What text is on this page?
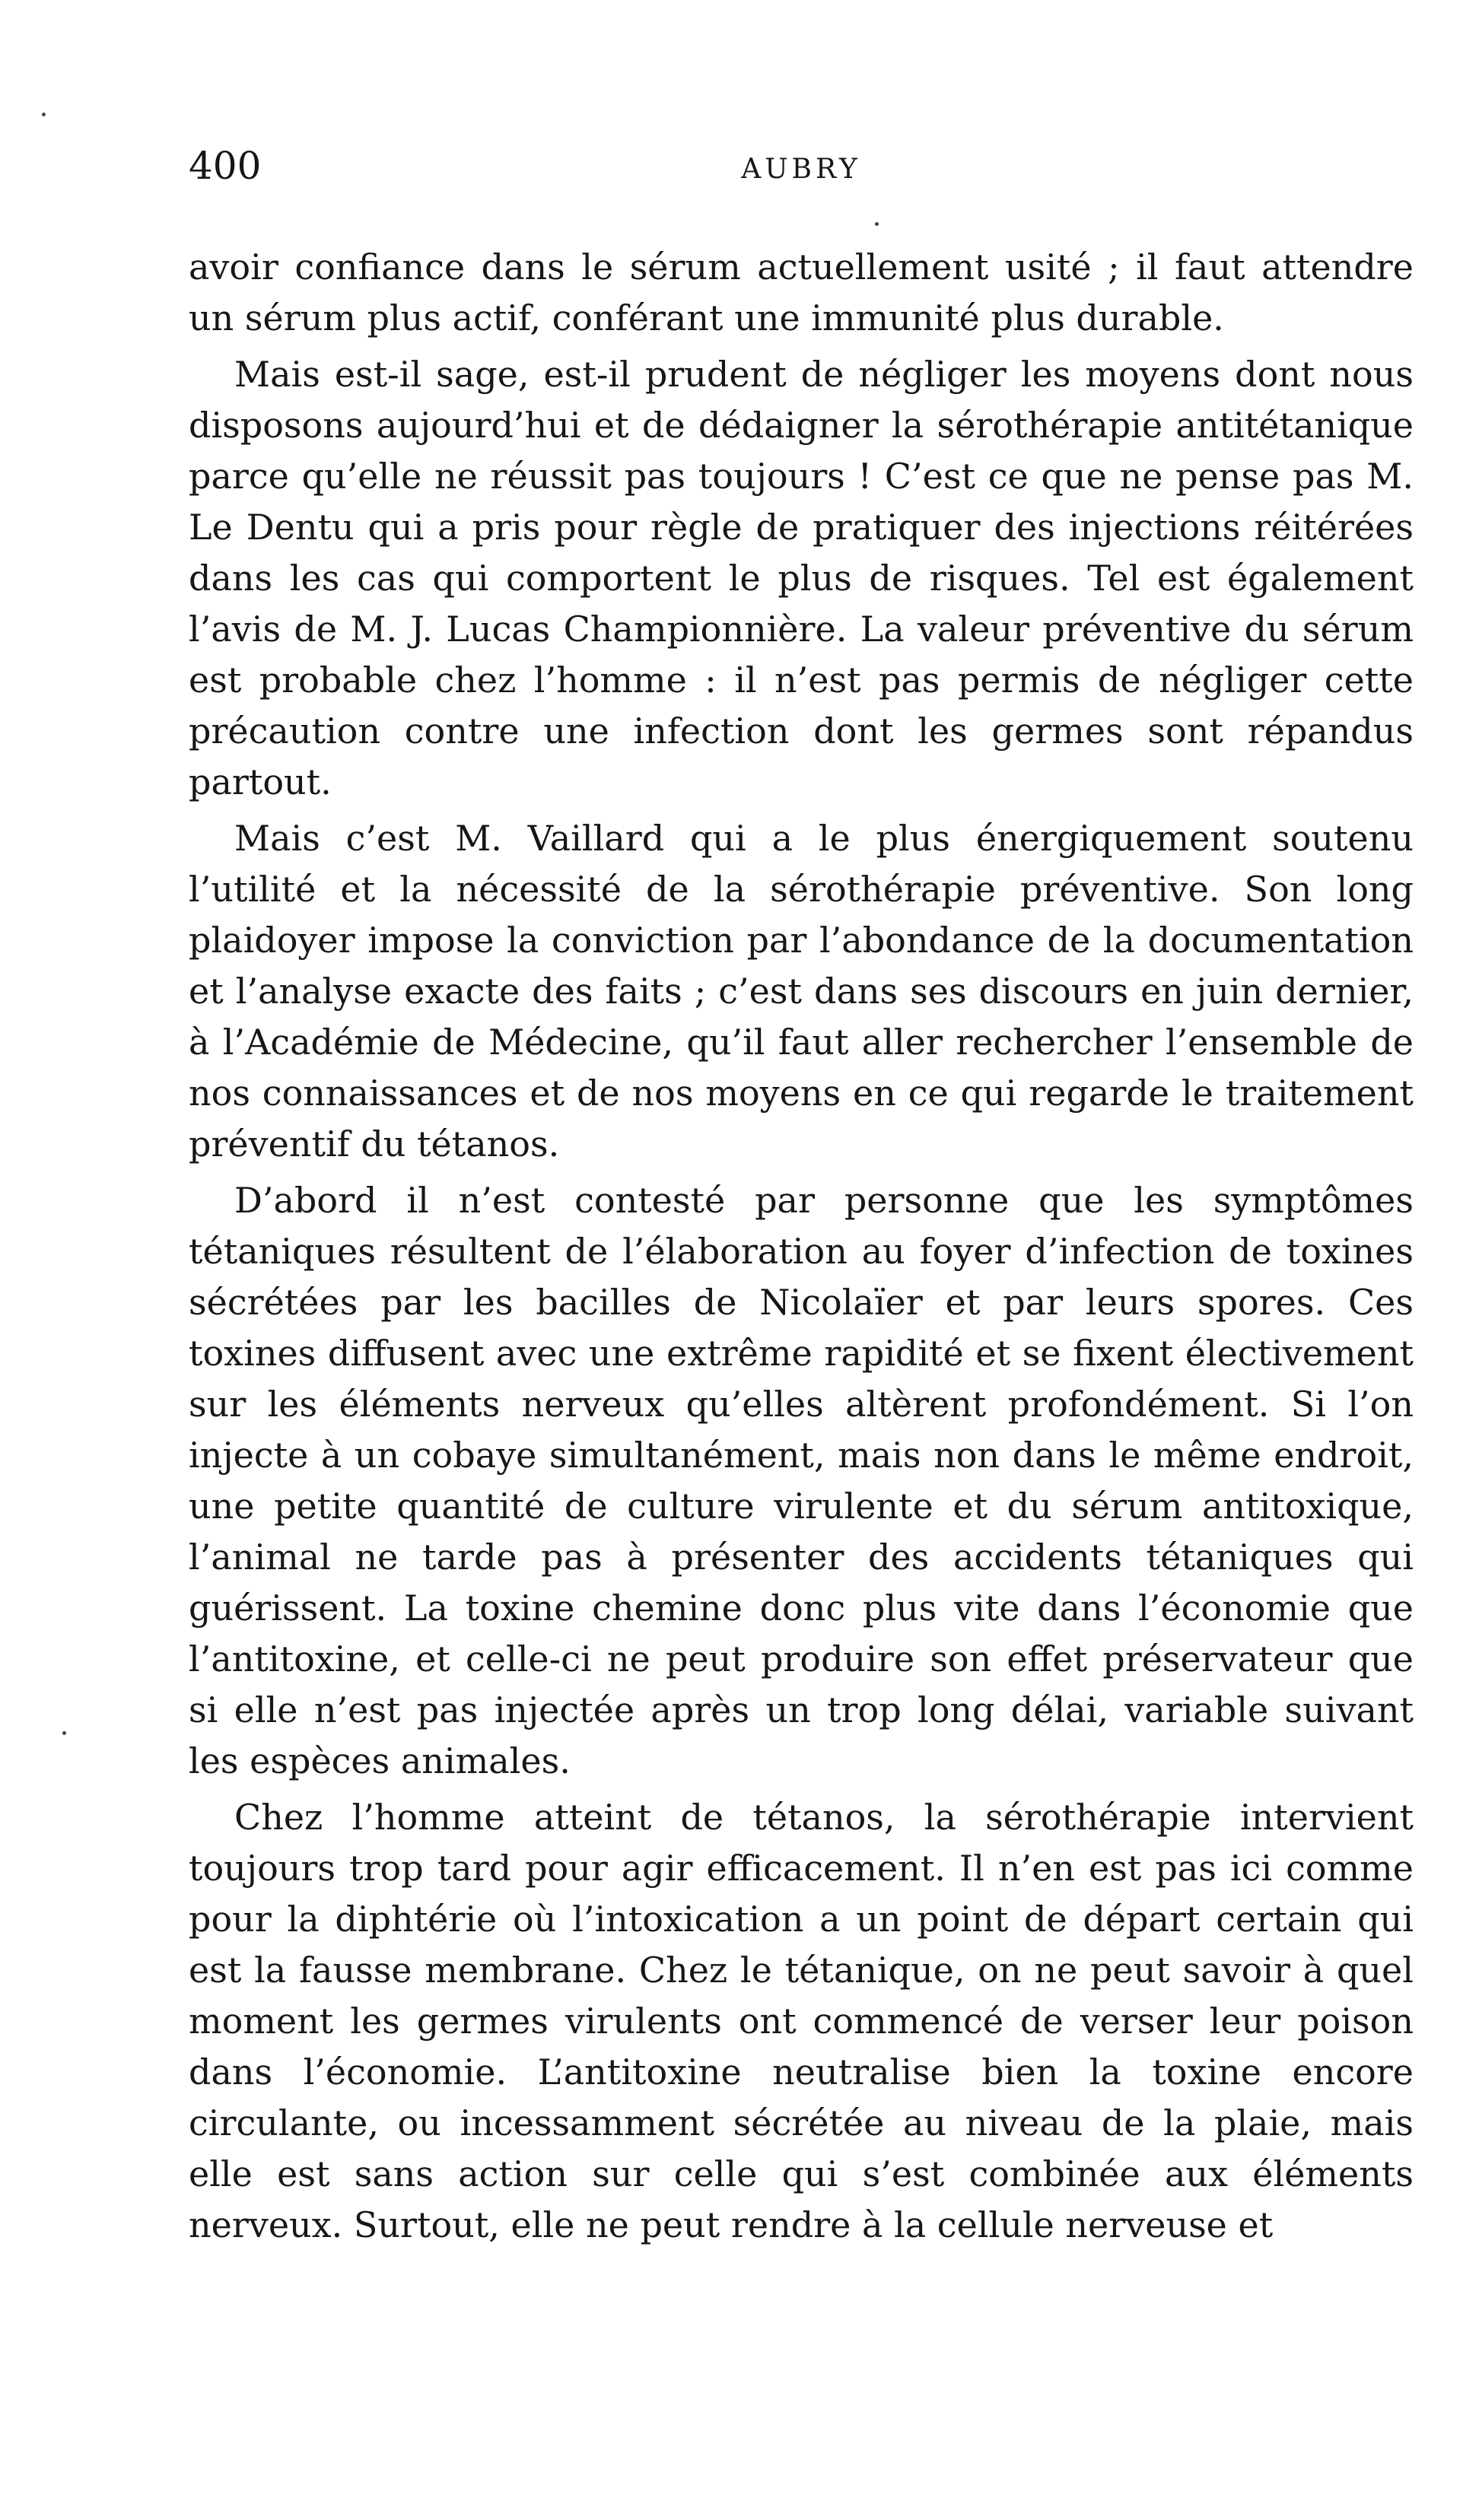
400	AUBRY

avoir confiance dans le sérum actuellement usité ; il faut attendre un sérum plus actif, conférant une immunité plus durable.

Mais est-il sage, est-il prudent de négliger les moyens dont nous disposons aujourd’hui et de dédaigner la sérothérapie antitétanique parce qu’elle ne réussit pas toujours ! C’est ce que ne pense pas M. Le Dentu qui a pris pour règle de pratiquer des injections réitérées dans les cas qui comportent le plus de risques. Tel est également l’avis de M. J. Lucas Championnière. La valeur préventive du sérum est probable chez l’homme : il n’est pas permis de négliger cette précaution contre une infection dont les germes sont répandus partout.

Mais c’est M. Vaillard qui a le plus énergiquement soutenu l’utilité et la nécessité de la sérothérapie préventive. Son long plaidoyer impose la conviction par l’abondance de la documentation et l’analyse exacte des faits ; c’est dans ses discours en juin dernier, à l’Académie de Médecine, qu’il faut aller rechercher l’ensemble de nos connaissances et de nos moyens en ce qui regarde le traitement préventif du tétanos.

D’abord il n’est contesté par personne que les symptômes tétaniques résultent de l’élaboration au foyer d’infection de toxines sécrétées par les bacilles de Nicolaïer et par leurs spores. Ces toxines diffusent avec une extrême rapidité et se fixent électivement sur les éléments nerveux qu’elles altèrent profondément. Si l’on injecte à un cobaye simultanément, mais non dans le même endroit, une petite quantité de culture virulente et du sérum antitoxique, l’animal ne tarde pas à présenter des accidents tétaniques qui guérissent. La toxine chemine donc plus vite dans l’économie que l’antitoxine, et celle-ci ne peut produire son effet préservateur que si elle n’est pas injectée après un trop long délai, variable suivant les espèces animales.

Chez l’homme atteint de tétanos, la sérothérapie intervient toujours trop tard pour agir efficacement. Il n’en est pas ici comme pour la diphtérie où l’intoxication a un point de départ certain qui est la fausse membrane. Chez le tétanique, on ne peut savoir à quel moment les germes virulents ont commencé de verser leur poison dans l’économie. L’antitoxine neutralise bien la toxine encore circulante, ou incessamment sécrétée au niveau de la plaie, mais elle est sans action sur celle qui s’est combinée aux éléments nerveux. Surtout, elle ne peut rendre à la cellule nerveuse et
